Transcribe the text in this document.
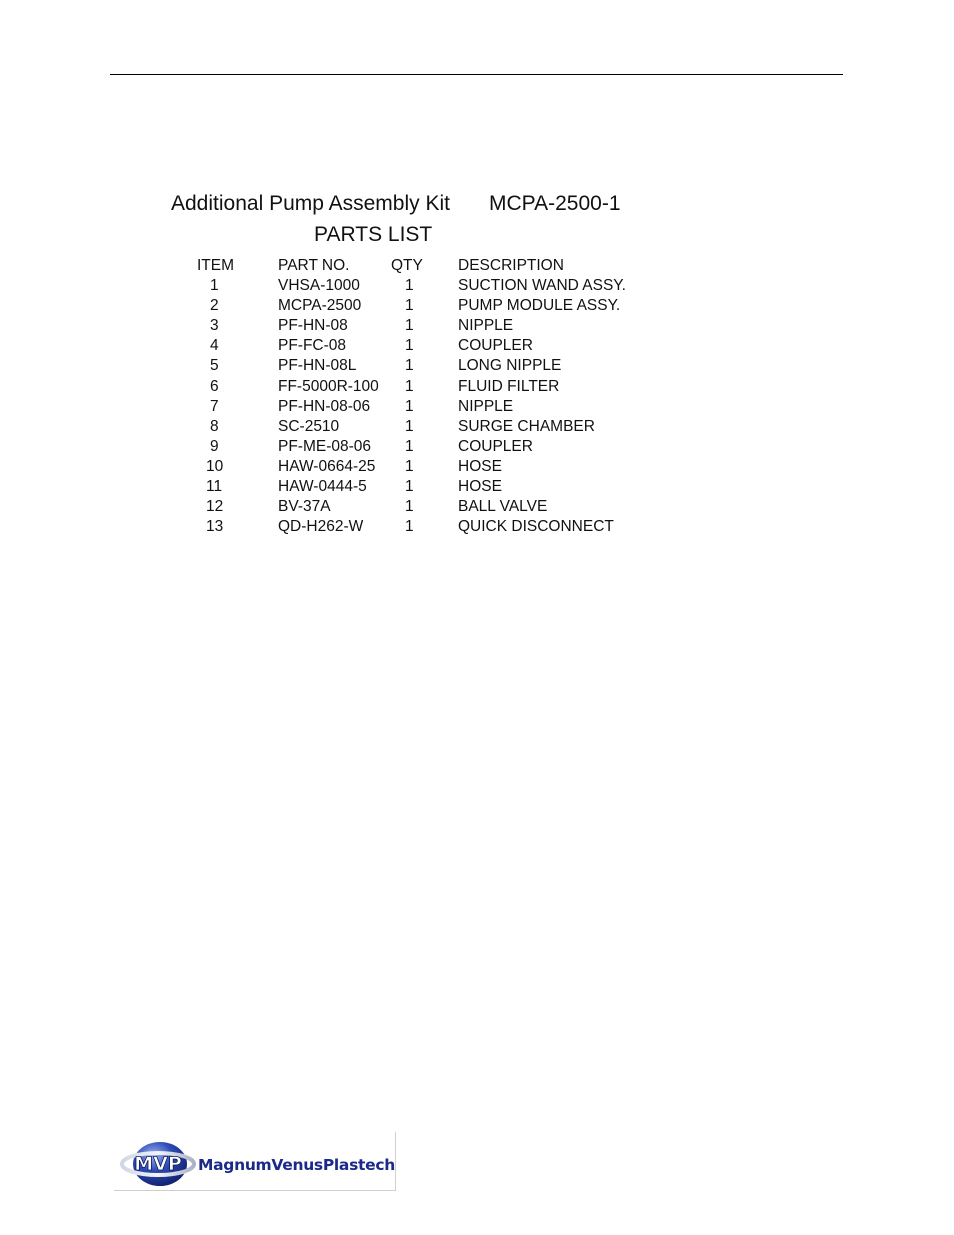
Additional Pump Assembly Kit MCPA-2500-1
PARTS LIST
ITEM	PART NO.	QTY	DESCRIPTION
1	VHSA-1000	1	SUCTION WAND ASSY.
2	MCPA-2500	1	PUMP MODULE ASSY.
3	PF-HN-08	1	NIPPLE
4	PF-FC-08	1	COUPLER
5	PF-HN-08L	1	LONG NIPPLE
6	FF-5000R-100	1	FLUID FILTER
7	PF-HN-08-06	1	NIPPLE
8	SC-2510	1	SURGE CHAMBER
9	PF-ME-08-06	1	COUPLER
10	HAW-0664-25	1	HOSE
11	HAW-0444-5	1	HOSE
12	BV-37A	1	BALL VALVE
13	QD-H262-W	1	QUICK DISCONNECT
MVP MagnumVenusPlastech
